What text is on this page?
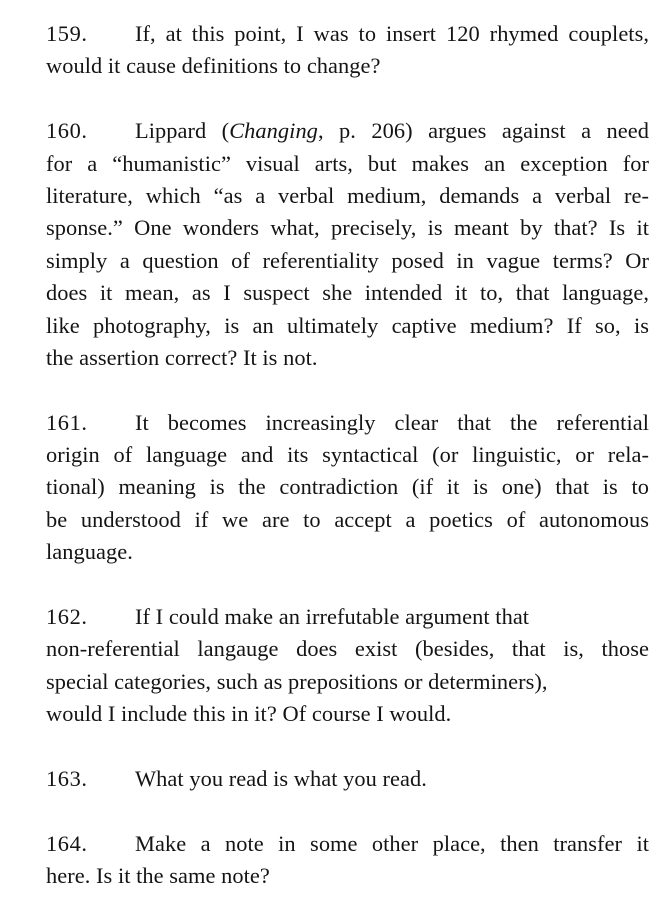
159. If, at this point, I was to insert 120 rhymed couplets,
would it cause definitions to change?
160. Lippard (Changing, p. 206) argues against a need
for a “humanistic” visual arts, but makes an exception for
literature, which “as a verbal medium, demands a verbal re-
sponse.” One wonders what, precisely, is meant by that? Is it
simply a question of referentiality posed in vague terms? Or
does it mean, as I suspect she intended it to, that language,
like photography, is an ultimately captive medium? If so, is
the assertion correct? It is not.
161. It becomes increasingly clear that the referential
origin of language and its syntactical (or linguistic, or rela-
tional) meaning is the contradiction (if it is one) that is to
be understood if we are to accept a poetics of autonomous
language.
162. If I could make an irrefutable argument that
non-referential langauge does exist (besides, that is, those
special categories, such as prepositions or determiners),
would I include this in it? Of course I would.
163. What you read is what you read.
164. Make a note in some other place, then transfer it
here. Is it the same note?
